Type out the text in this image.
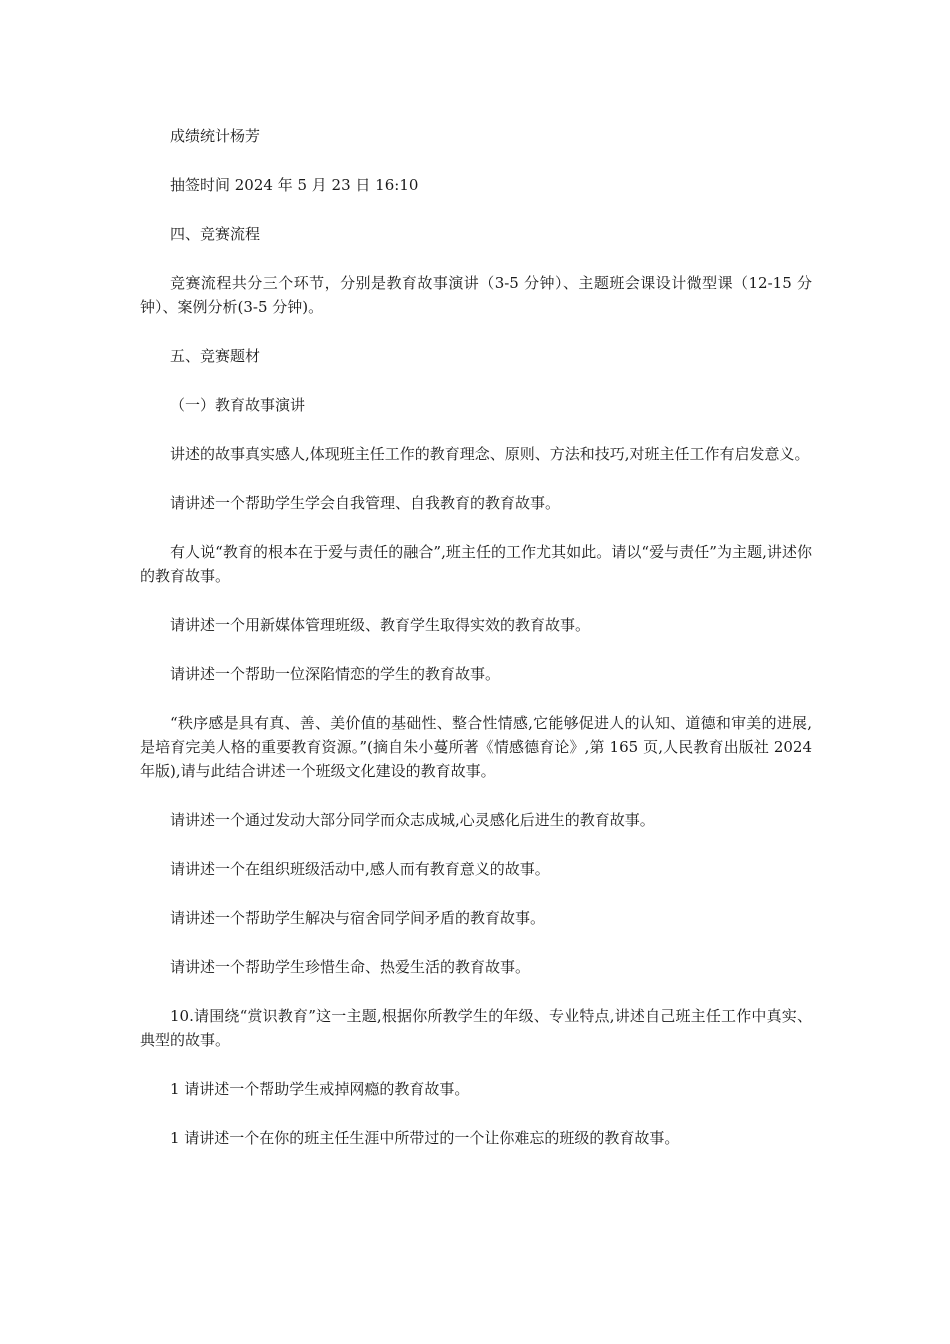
成绩统计杨芳

抽签时间 2024 年 5 月 23 日 16:10

四、竞赛流程

竞赛流程共分三个环节，分别是教育故事演讲（3-5 分钟）、主题班会课设计微型课（12-15 分钟）、案例分析(3-5 分钟)。

五、竞赛题材

（一）教育故事演讲

讲述的故事真实感人,体现班主任工作的教育理念、原则、方法和技巧,对班主任工作有启发意义。

请讲述一个帮助学生学会自我管理、自我教育的教育故事。

有人说“教育的根本在于爱与责任的融合”,班主任的工作尤其如此。请以“爱与责任”为主题,讲述你的教育故事。

请讲述一个用新媒体管理班级、教育学生取得实效的教育故事。

请讲述一个帮助一位深陷情恋的学生的教育故事。

“秩序感是具有真、善、美价值的基础性、整合性情感,它能够促进人的认知、道德和审美的进展,是培育完美人格的重要教育资源。”(摘自朱小蔓所著《情感德育论》,第 165 页,人民教育出版社 2024 年版),请与此结合讲述一个班级文化建设的教育故事。

请讲述一个通过发动大部分同学而众志成城,心灵感化后进生的教育故事。

请讲述一个在组织班级活动中,感人而有教育意义的故事。

请讲述一个帮助学生解决与宿舍同学间矛盾的教育故事。

请讲述一个帮助学生珍惜生命、热爱生活的教育故事。

10.请围绕“赏识教育”这一主题,根据你所教学生的年级、专业特点,讲述自己班主任工作中真实、典型的故事。

1 请讲述一个帮助学生戒掉网瘾的教育故事。

1 请讲述一个在你的班主任生涯中所带过的一个让你难忘的班级的教育故事。
